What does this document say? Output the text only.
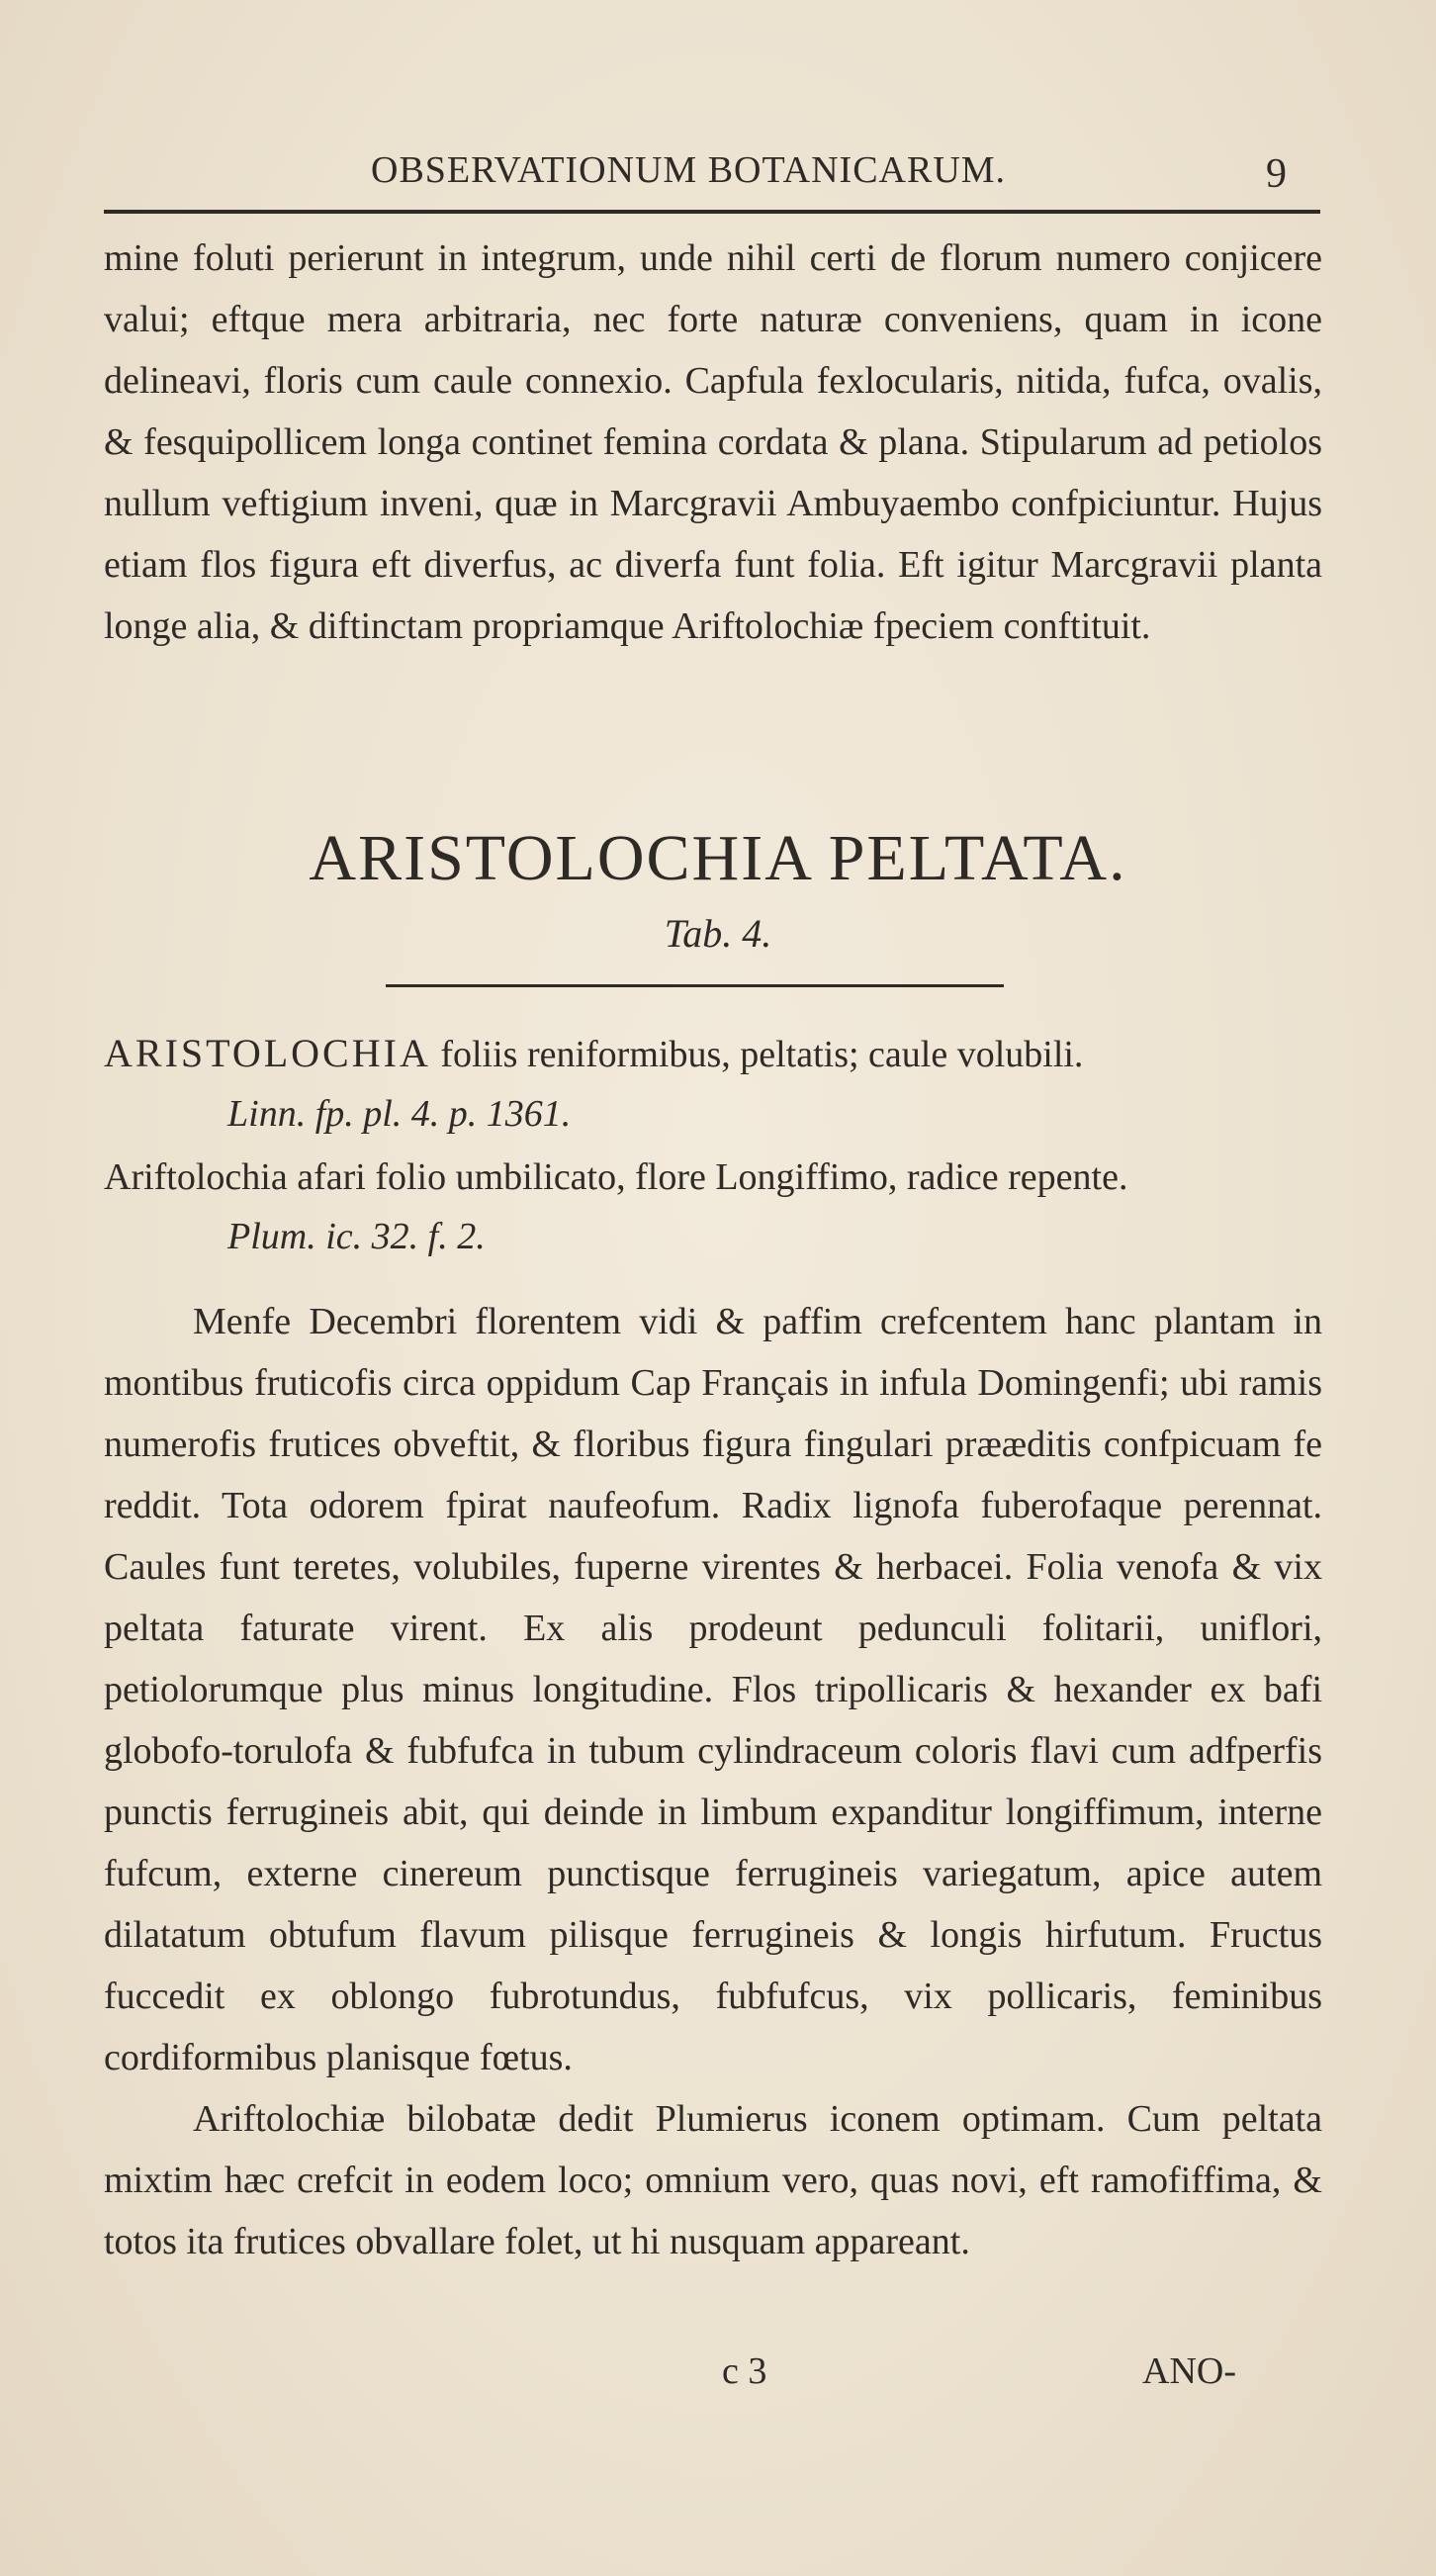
OBSERVATIONUM BOTANICARUM.	9

mine foluti perierunt in integrum, unde nihil certi de florum numero conjicere valui; eftque mera arbitraria, nec forte naturæ conveniens, quam in icone delineavi, floris cum caule connexio. Capfula fexlocularis, nitida, fufca, ovalis, & fesquipollicem longa continet femina cordata & plana. Stipularum ad petiolos nullum veftigium inveni, quæ in Marcgravii Ambuyaembo confpiciuntur. Hujus etiam flos figura eft diverfus, ac diverfa funt folia. Eft igitur Marcgravii planta longe alia, & diftinctam propriamque Ariftolochiæ fpeciem conftituit.

ARISTOLOCHIA PELTATA.
Tab. 4.
ARISTOLOCHIA foliis reniformibus, peltatis; caule volubili.
Linn. fp. pl. 4. p. 1361.
Ariftolochia afari folio umbilicato, flore Longiffimo, radice repente.
Plum. ic. 32. f. 2.

Menfe Decembri florentem vidi & paffim crefcentem hanc plantam in montibus fruticofis circa oppidum Cap Français in infula Domingenfi; ubi ramis numerofis frutices obveftit, & floribus figura fingulari prææditis confpicuam fe reddit. Tota odorem fpirat naufeofum. Radix lignofa fuberofaque perennat. Caules funt teretes, volubiles, fuperne virentes & herbacei. Folia venofa & vix peltata faturate virent. Ex alis prodeunt pedunculi folitarii, uniflori, petiolorumque plus minus longitudine. Flos tripollicaris & hexander ex bafi globofo-torulofa & fubfufca in tubum cylindraceum coloris flavi cum adfperfis punctis ferrugineis abit, qui deinde in limbum expanditur longiffimum, interne fufcum, externe cinereum punctisque ferrugineis variegatum, apice autem dilatatum obtufum flavum pilisque ferrugineis & longis hirfutum. Fructus fuccedit ex oblongo fubrotundus, fubfufcus, vix pollicaris, feminibus cordiformibus planisque fœtus.

Ariftolochiæ bilobatæ dedit Plumierus iconem optimam. Cum peltata mixtim hæc crefcit in eodem loco; omnium vero, quas novi, eft ramofiffima, & totos ita frutices obvallare folet, ut hi nusquam appareant.

c 3	ANO-
